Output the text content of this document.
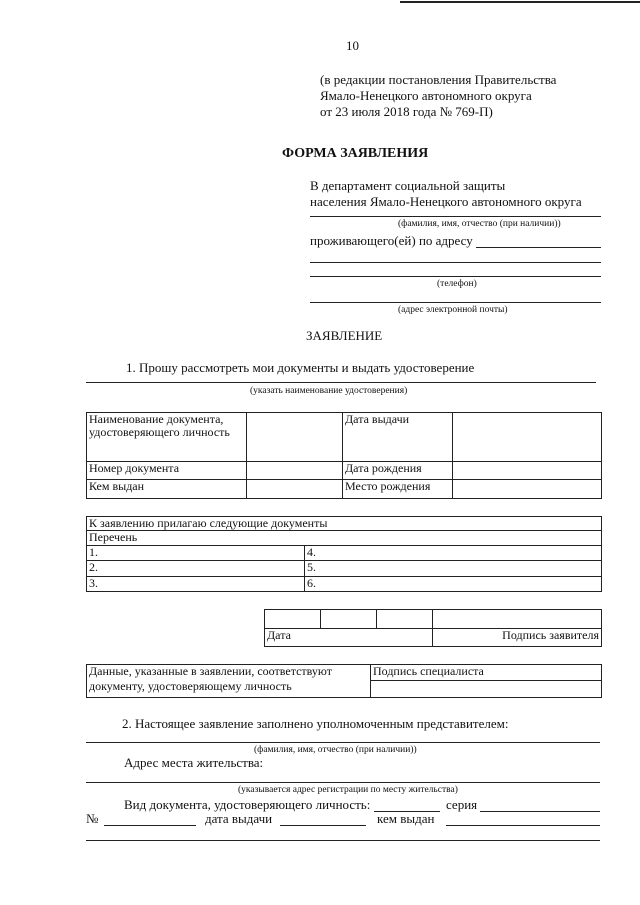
10
(в редакции постановления Правительства
Ямало-Ненецкого автономного округа
от 23 июля 2018 года № 769-П)
ФОРМА ЗАЯВЛЕНИЯ
В департамент социальной защиты
населения Ямало-Ненецкого автономного округа
(фамилия, имя, отчество (при наличии))
проживающего(ей) по адресу
(телефон)
(адрес электронной почты)
ЗАЯВЛЕНИЕ
1. Прошу рассмотреть мои документы и выдать удостоверение
(указать наименование удостоверения)
Наименование документа, удостоверяющего личность		Дата выдачи	
Номер документа		Дата рождения	
Кем выдан		Место рождения	
К заявлению прилагаю следующие документы	
Перечень	
1.	4.
2.	5.
3.	6.

Дата			Подпись заявителя
Данные, указанные в заявлении, соответствуют	Подпись специалиста
документу, удостоверяющему личность	
2. Настоящее заявление заполнено уполномоченным представителем:
(фамилия, имя, отчество (при наличии))
Адрес места жительства:
(указывается адрес регистрации по месту жительства)
Вид документа, удостоверяющего личность:	серия
№	дата выдачи	кем выдан
